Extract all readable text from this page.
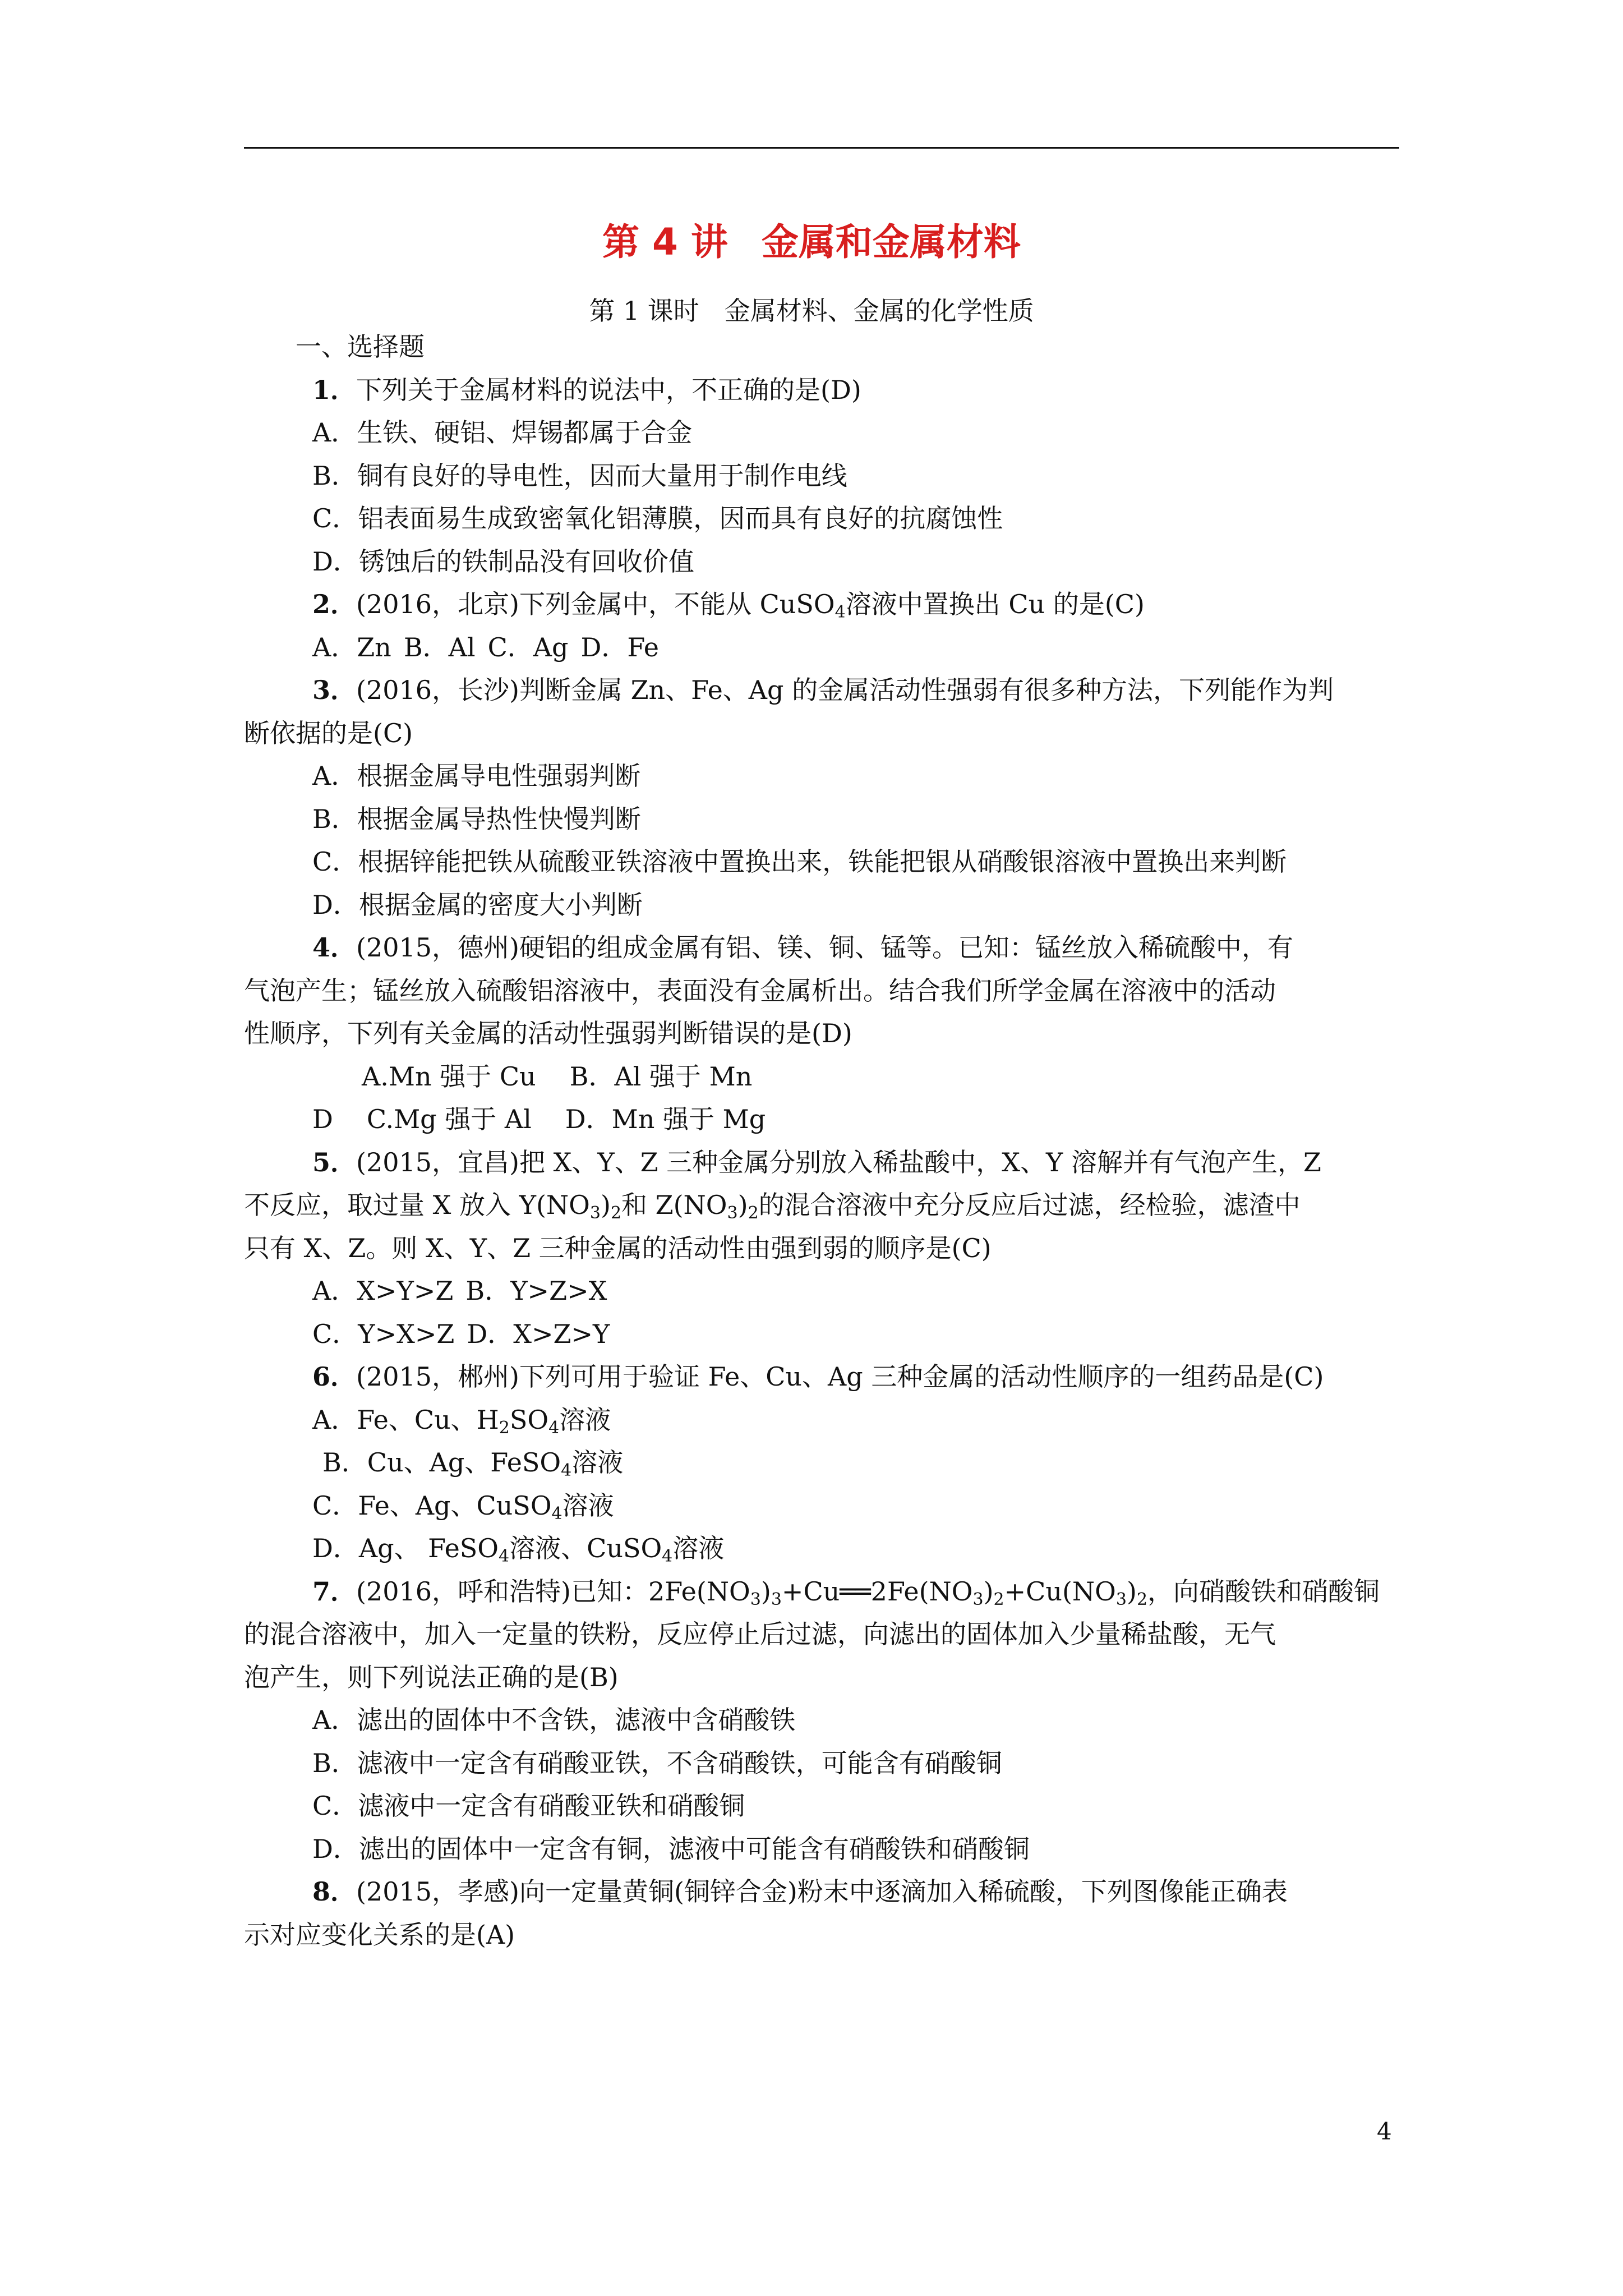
第 4 讲 金属和金属材料
第 1 课时 金属材料、金属的化学性质
一、选择题
1．下列关于金属材料的说法中，不正确的是(D)
A．生铁、硬铝、焊锡都属于合金
B．铜有良好的导电性，因而大量用于制作电线
C．铝表面易生成致密氧化铝薄膜，因而具有良好的抗腐蚀性
D．锈蚀后的铁制品没有回收价值
2．(2016，北京)下列金属中，不能从 CuSO$_4$溶液中置换出 Cu 的是(C)
A．Zn B．Al C．Ag D．Fe
3．(2016，长沙)判断金属 Zn、Fe、Ag 的金属活动性强弱有很多种方法，下列能作为判
断依据的是(C)
A．根据金属导电性强弱判断
B．根据金属导热性快慢判断
C．根据锌能把铁从硫酸亚铁溶液中置换出来，铁能把银从硝酸银溶液中置换出来判断
D．根据金属的密度大小判断
4．(2015，德州)硬铝的组成金属有铝、镁、铜、锰等。已知：锰丝放入稀硫酸中，有
气泡产生；锰丝放入硫酸铝溶液中，表面没有金属析出。结合我们所学金属在溶液中的活动
性顺序，下列有关金属的活动性强弱判断错误的是(D)
A.Mn 强于 Cu B．Al 强于 Mn
D C.Mg 强于 Al D．Mn 强于 Mg
5．(2015，宜昌)把 X、Y、Z 三种金属分别放入稀盐酸中，X、Y 溶解并有气泡产生，Z
不反应，取过量 X 放入 $Y(NO_3)_2$和 $Z(NO_3)_2$的混合溶液中充分反应后过滤，经检验，滤渣中
只有 X、Z。则 X、Y、Z 三种金属的活动性由强到弱的顺序是(C)
A．X>Y>Z B．Y>Z>X
C．Y>X>Z D．X>Z>Y
6．(2015，郴州)下列可用于验证 Fe、Cu、Ag 三种金属的活动性顺序的一组药品是(C)
A．Fe、Cu、$H_2SO_4$溶液
B．Cu、Ag、FeSO$_4$溶液
C．Fe、Ag、CuSO$_4$溶液
D．Ag、 FeSO$_4$溶液、CuSO$_4$溶液
7．(2016，呼和浩特)已知：$2Fe(NO_3)_3+Cu══2Fe(NO_3)_2+Cu(NO_3)_2$，向硝酸铁和硝酸铜
的混合溶液中，加入一定量的铁粉，反应停止后过滤，向滤出的固体加入少量稀盐酸，无气
泡产生，则下列说法正确的是(B)
A．滤出的固体中不含铁，滤液中含硝酸铁
B．滤液中一定含有硝酸亚铁，不含硝酸铁，可能含有硝酸铜
C．滤液中一定含有硝酸亚铁和硝酸铜
D．滤出的固体中一定含有铜，滤液中可能含有硝酸铁和硝酸铜
8．(2015，孝感)向一定量黄铜(铜锌合金)粉末中逐滴加入稀硫酸，下列图像能正确表
示对应变化关系的是(A)
4
